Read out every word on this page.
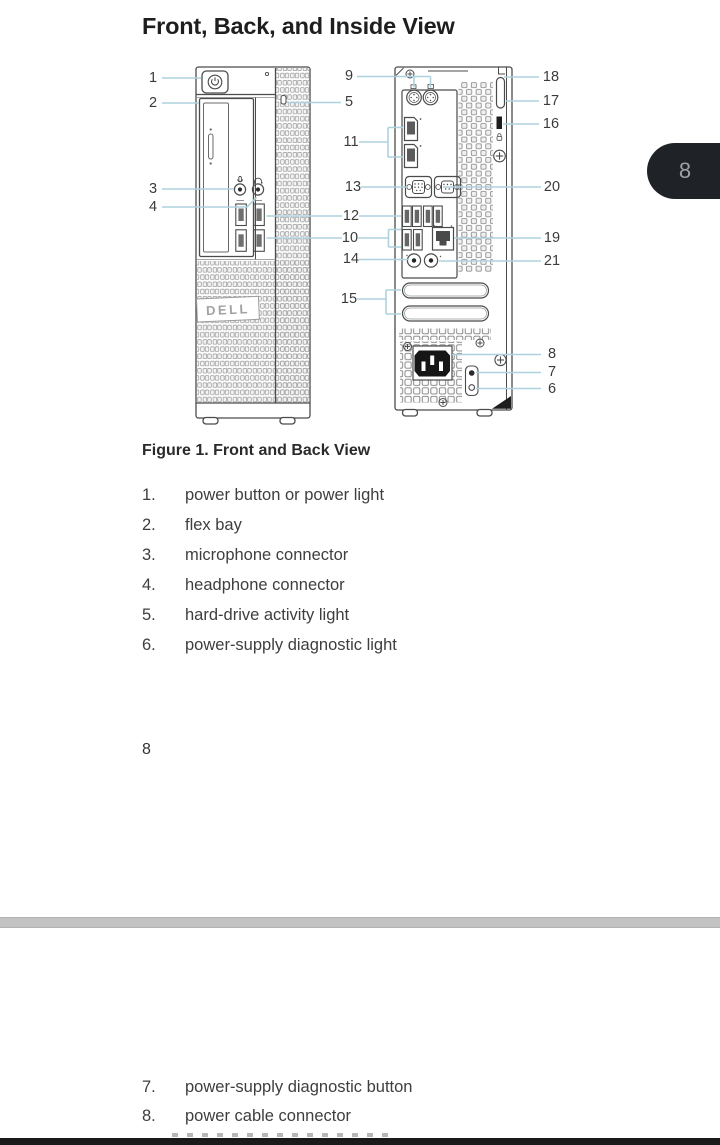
Front, Back, and Inside View
DELL
1
2
3
4
9
5
11
13
12
10
14
15
18
17
16
20
19
21
8
7
6
Figure 1. Front and Back View
1.	power button or power light
2.	flex bay
3.	microphone connector
4.	headphone connector
5.	hard-drive activity light
6.	power-supply diagnostic light
8
8
7.	power-supply diagnostic button
8.	power cable connector
